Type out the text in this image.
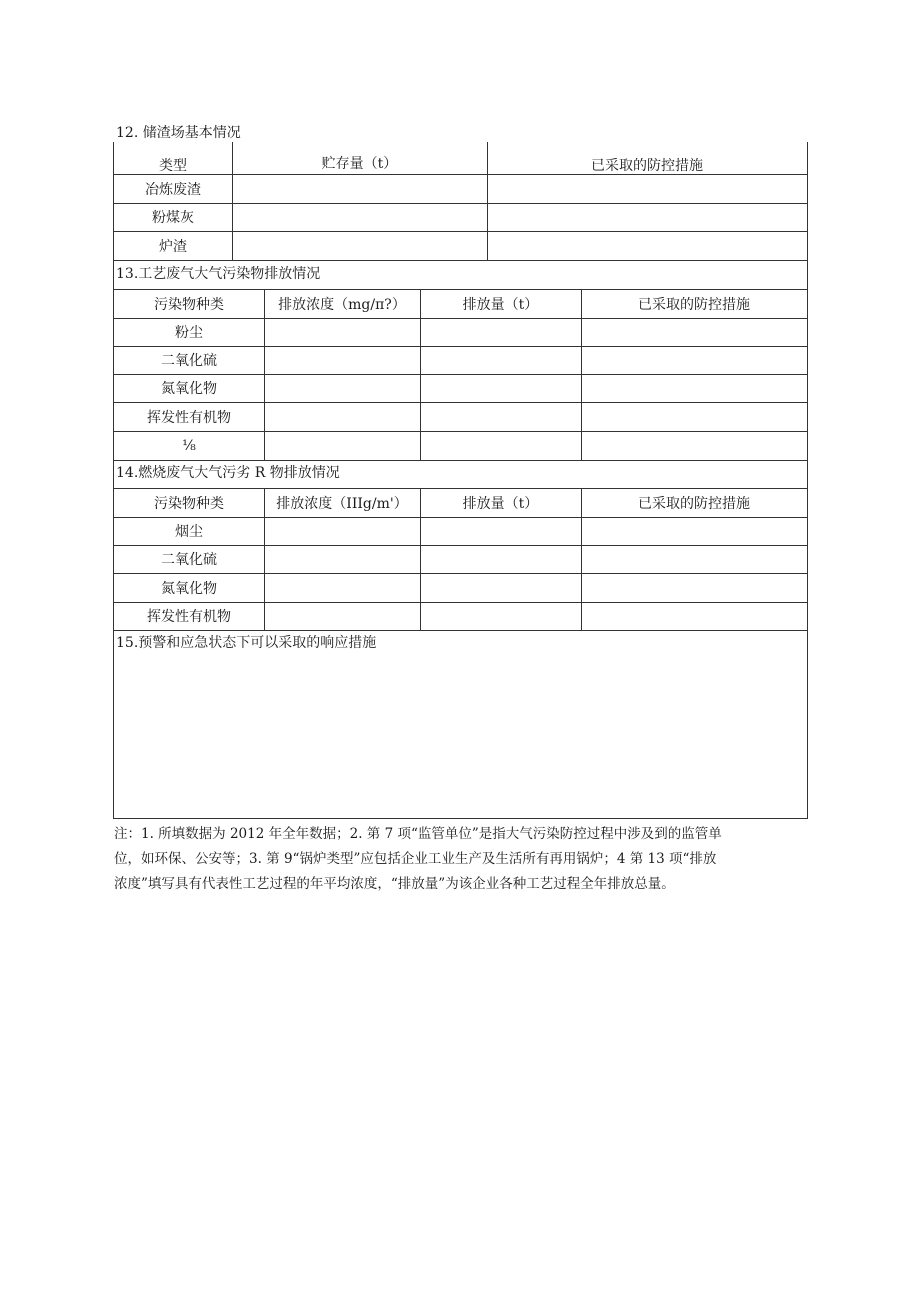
12. 储渣场基本情况
类型	贮存量（t）	已采取的防控措施
冶炼废渣
粉煤灰
炉渣
13.工艺废气大气污染物排放情况
污染物种类	排放浓度（mg/π?）	排放量（t）	已采取的防控措施
粉尘
二氧化硫
氮氧化物
挥发性有机物
⅛
14.燃烧废气大气污劣 R 物排放情况
污染物种类	排放浓度（IIIg/m'）	排放量（t）	已采取的防控措施
烟尘
二氧化硫
氮氧化物
挥发性有机物
15.预警和应急状态下可以采取的响应措施
注：1. 所填数据为 2012 年全年数据；2. 第 7 项“监管单位”是指大气污染防控过程中涉及到的监管单
位，如环保、公安等；3. 第 9“锅炉类型”应包括企业工业生产及生活所有再用锅炉；4 第 13 项“排放
浓度”填写具有代表性工艺过程的年平均浓度，“排放量”为该企业各种工艺过程全年排放总量。
